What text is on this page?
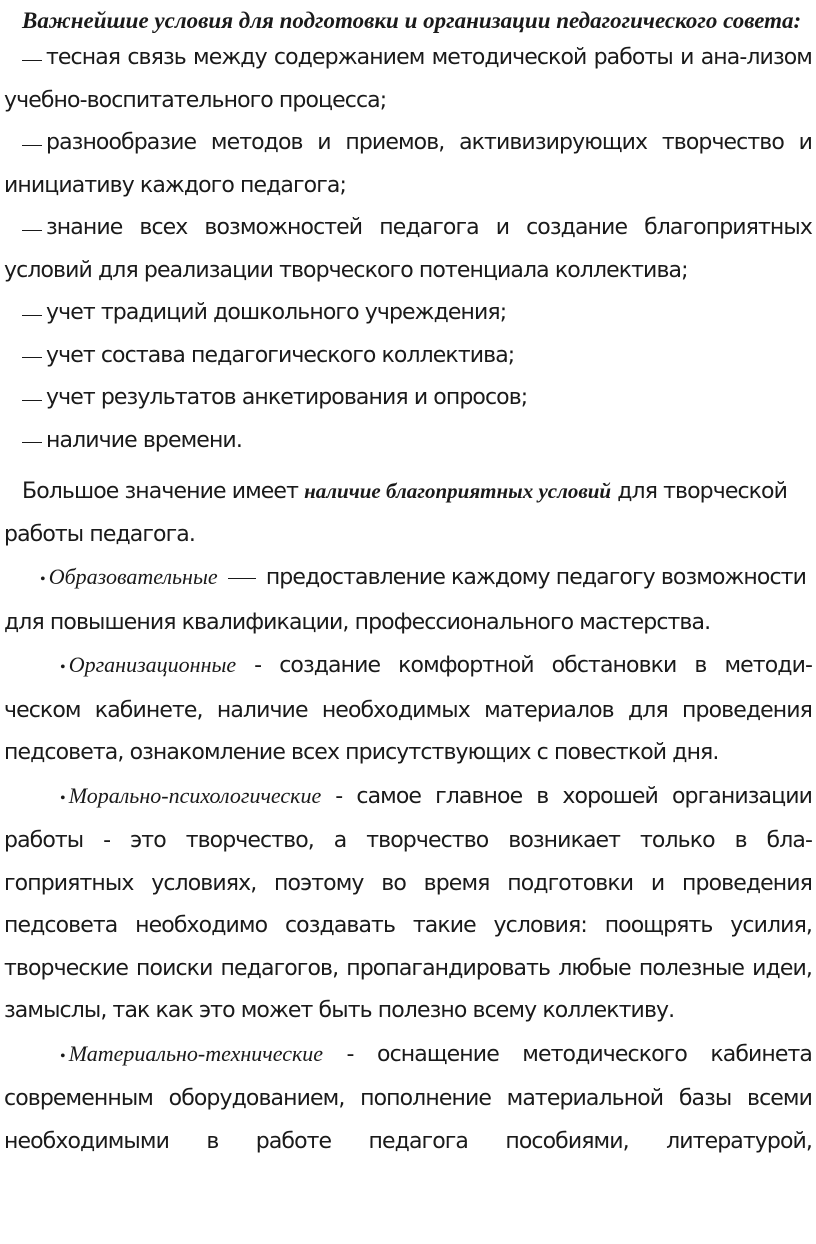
Важнейшие условия для подготовки и организации педагогического совета:
тесная связь между содержанием методической работы и ана-лизом учебно-воспитательного процесса;
разнообразие методов и приемов, активизирующих творчество и инициативу каждого педагога;
знание всех возможностей педагога и создание благоприятных условий для реализации творческого потенциала коллектива;
учет традиций дошкольного учреждения;
учет состава педагогического коллектива;
учет результатов анкетирования и опросов;
наличие времени.
Большое значение имеет наличие благоприятных условий для творческой работы педагога.
• Образовательные предоставление каждому педагогу возможности для повышения квалификации, профессионального мастерства.
• Организационные - создание комфортной обстановки в методи-ческом кабинете, наличие необходимых материалов для проведения педсовета, ознакомление всех присутствующих с повесткой дня.
• Морально-психологические - самое главное в хорошей организации работы - это творчество, а творчество возникает только в бла-гоприятных условиях, поэтому во время подготовки и проведения педсовета необходимо создавать такие условия: поощрять усилия, творческие поиски педагогов, пропагандировать любые полезные идеи, замыслы, так как это может быть полезно всему коллективу.
• Материально-технические - оснащение методического кабинета современным оборудованием, пополнение материальной базы всеми необходимыми в работе педагога пособиями, литературой,
